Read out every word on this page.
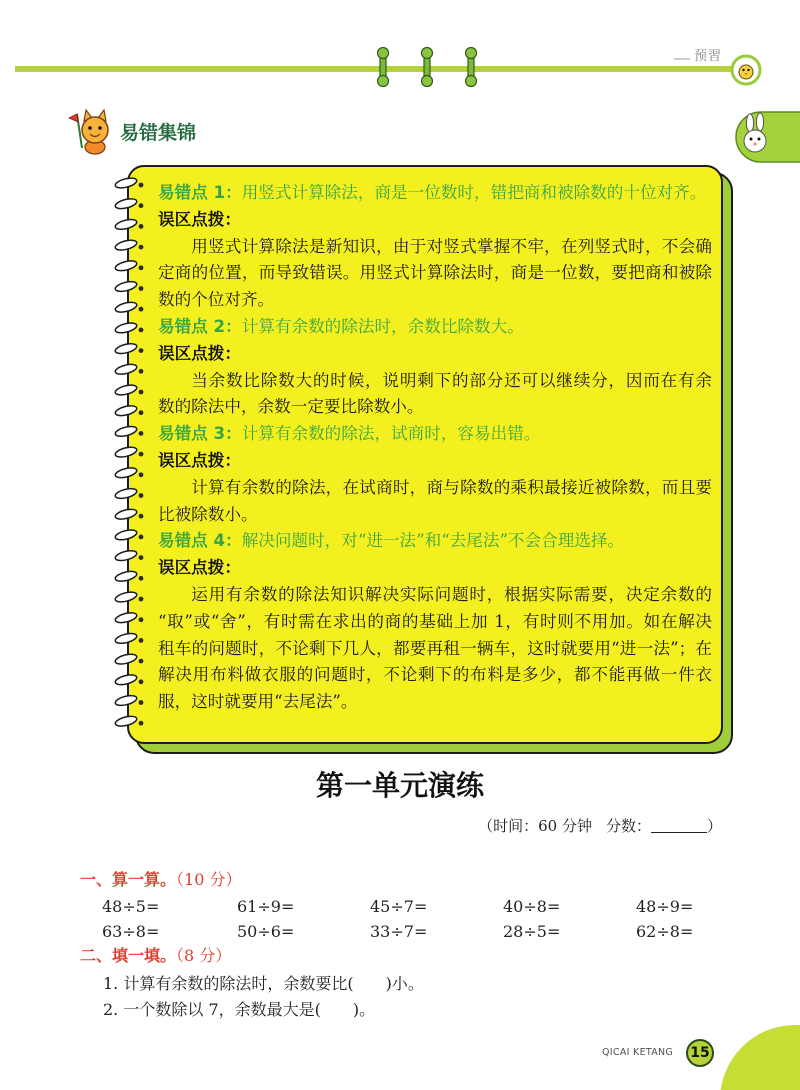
预習
易错集锦
易错点 1：用竖式计算除法，商是一位数时，错把商和被除数的十位对齐。
误区点拨：
用竖式计算除法是新知识，由于对竖式掌握不牢，在列竖式时，不会确
定商的位置，而导致错误。用竖式计算除法时，商是一位数，要把商和被除
数的个位对齐。
易错点 2：计算有余数的除法时，余数比除数大。
误区点拨：
当余数比除数大的时候，说明剩下的部分还可以继续分，因而在有余
数的除法中，余数一定要比除数小。
易错点 3：计算有余数的除法，试商时，容易出错。
误区点拨：
计算有余数的除法，在试商时，商与除数的乘积最接近被除数，而且要
比被除数小。
易错点 4：解决问题时，对“进一法”和“去尾法”不会合理选择。
误区点拨：
运用有余数的除法知识解决实际问题时，根据实际需要，决定余数的
“取”或“舍”，有时需在求出的商的基础上加 1，有时则不用加。如在解决
租车的问题时，不论剩下几人，都要再租一辆车，这时就要用“进一法”；在
解决用布料做衣服的问题时，不论剩下的布料是多少，都不能再做一件衣
服，这时就要用“去尾法”。
第一单元演练
（时间：60 分钟 分数：	）
一、算一算。（10 分）
48÷5=	61÷9=	45÷7=	40÷8=	48÷9=
63÷8=	50÷6=	33÷7=	28÷5=	62÷8=
二、填一填。（8 分）
1. 计算有余数的除法时，余数要比(　　)小。
2. 一个数除以 7，余数最大是(　　)。
QICAI KETANG	15
